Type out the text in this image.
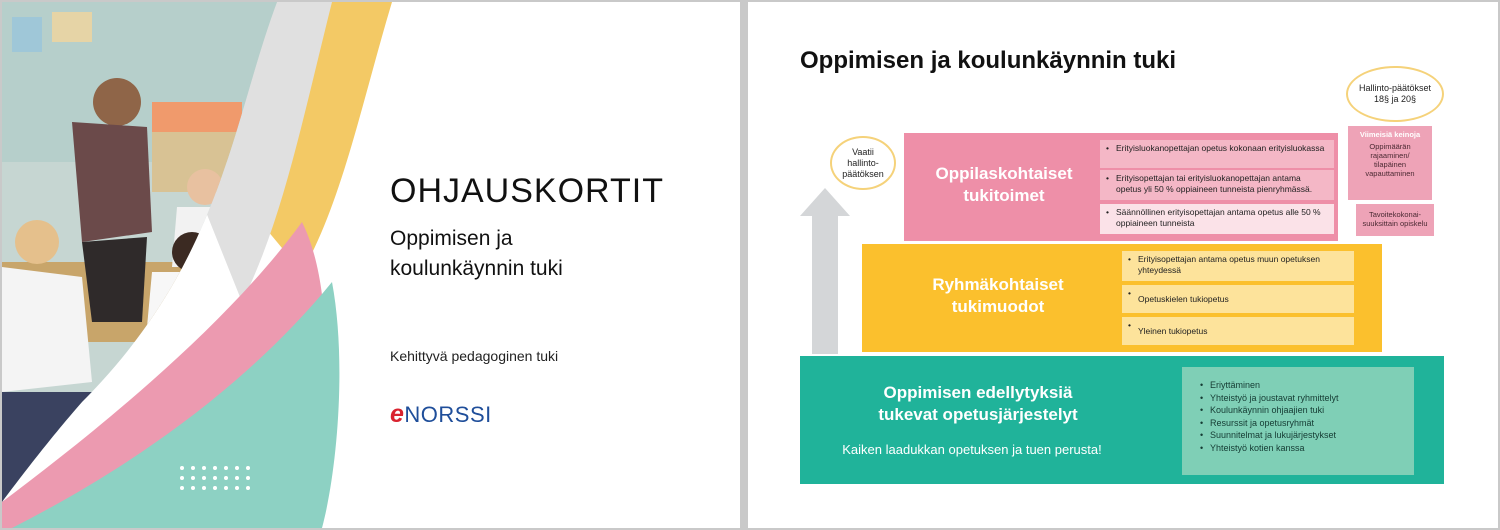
OHJAUSKORTIT
Oppimisen ja
koulunkäynnin tuki
Kehittyvä pedagoginen tuki
eNORSSI
Oppimisen ja koulunkäynnin tuki
Oppilaskohtaiset
tukitoimet
• Erityisluokanopettajan opetus kokonaan erityisluokassa
• Erityisopettajan tai erityisluokanopettajan antama opetus yli 50 % oppiaineen tunneista pienryhmässä.
• Säännöllinen erityisopettajan antama opetus alle 50 % oppiaineen tunneista
Vaatii hallinto-päätöksen
Hallinto-päätökset 18§ ja 20§
Viimeisiä keinoja
Oppimäärän rajaaminen/ tilapäinen vapauttaminen
Tavoitekokonai-suuksittain opiskelu
Ryhmäkohtaiset
tukimuodot
• Erityisopettajan antama opetus muun opetuksen yhteydessä
• Opetuskielen tukiopetus
• Yleinen tukiopetus
Oppimisen edellytyksiä
tukevat opetusjärjestelyt
Kaiken laadukkan opetuksen ja tuen perusta!
• Eriyttäminen
• Yhteistyö ja joustavat ryhmittelyt
• Koulunkäynnin ohjaajien tuki
• Resurssit ja opetusryhmät
• Suunnitelmat ja lukujärjestykset
• Yhteistyö kotien kanssa
